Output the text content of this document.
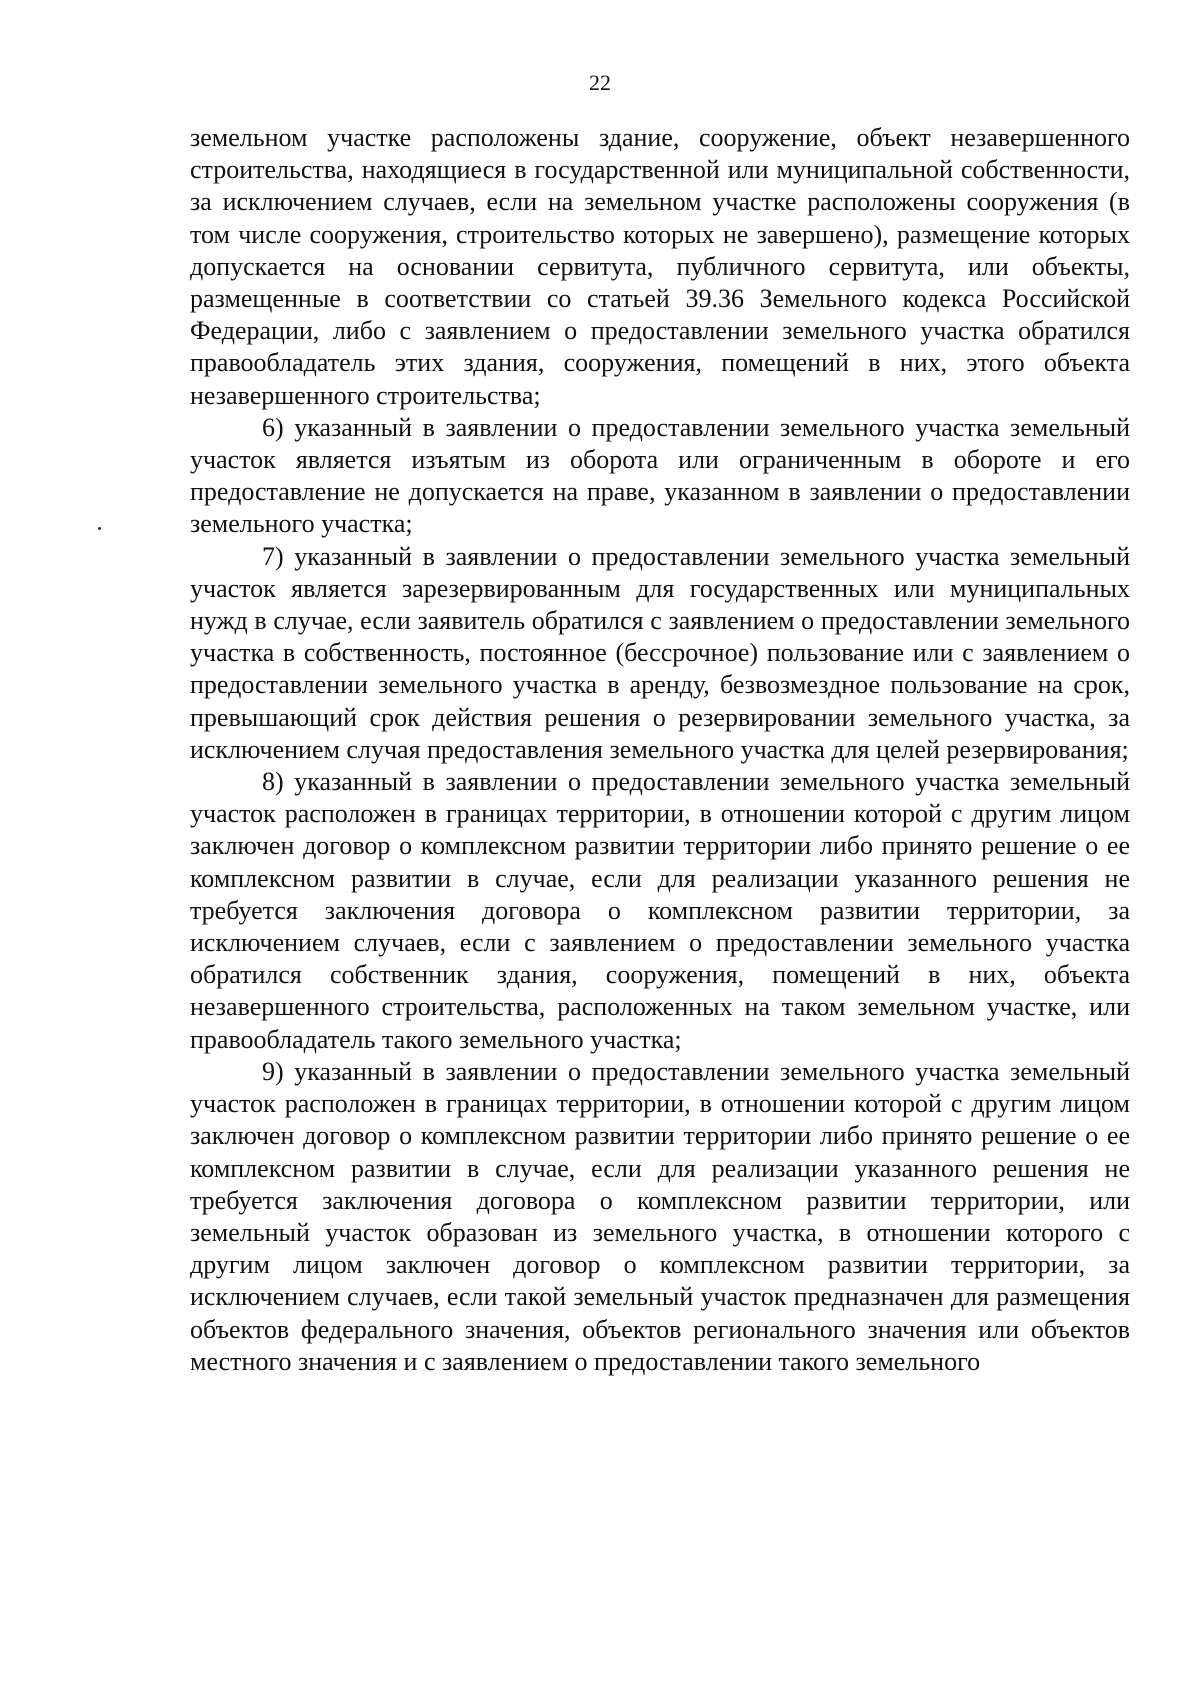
22

земельном участке расположены здание, сооружение, объект незавершенного строительства, находящиеся в государственной или муниципальной собственности, за исключением случаев, если на земельном участке расположены сооружения (в том числе сооружения, строительство которых не завершено), размещение которых допускается на основании сервитута, публичного сервитута, или объекты, размещенные в соответствии со статьей 39.36 Земельного кодекса Российской Федерации, либо с заявлением о предоставлении земельного участка обратился правообладатель этих здания, сооружения, помещений в них, этого объекта незавершенного строительства;

6) указанный в заявлении о предоставлении земельного участка земельный участок является изъятым из оборота или ограниченным в обороте и его предоставление не допускается на праве, указанном в заявлении о предоставлении земельного участка;

7) указанный в заявлении о предоставлении земельного участка земельный участок является зарезервированным для государственных или муниципальных нужд в случае, если заявитель обратился с заявлением о предоставлении земельного участка в собственность, постоянное (бессрочное) пользование или с заявлением о предоставлении земельного участка в аренду, безвозмездное пользование на срок, превышающий срок действия решения о резервировании земельного участка, за исключением случая предоставления земельного участка для целей резервирования;

8) указанный в заявлении о предоставлении земельного участка земельный участок расположен в границах территории, в отношении которой с другим лицом заключен договор о комплексном развитии территории либо принято решение о ее комплексном развитии в случае, если для реализации указанного решения не требуется заключения договора о комплексном развитии территории, за исключением случаев, если с заявлением о предоставлении земельного участка обратился собственник здания, сооружения, помещений в них, объекта незавершенного строительства, расположенных на таком земельном участке, или правообладатель такого земельного участка;

9) указанный в заявлении о предоставлении земельного участка земельный участок расположен в границах территории, в отношении которой с другим лицом заключен договор о комплексном развитии территории либо принято решение о ее комплексном развитии в случае, если для реализации указанного решения не требуется заключения договора о комплексном развитии территории, или земельный участок образован из земельного участка, в отношении которого с другим лицом заключен договор о комплексном развитии территории, за исключением случаев, если такой земельный участок предназначен для размещения объектов федерального значения, объектов регионального значения или объектов местного значения и с заявлением о предоставлении такого земельного
